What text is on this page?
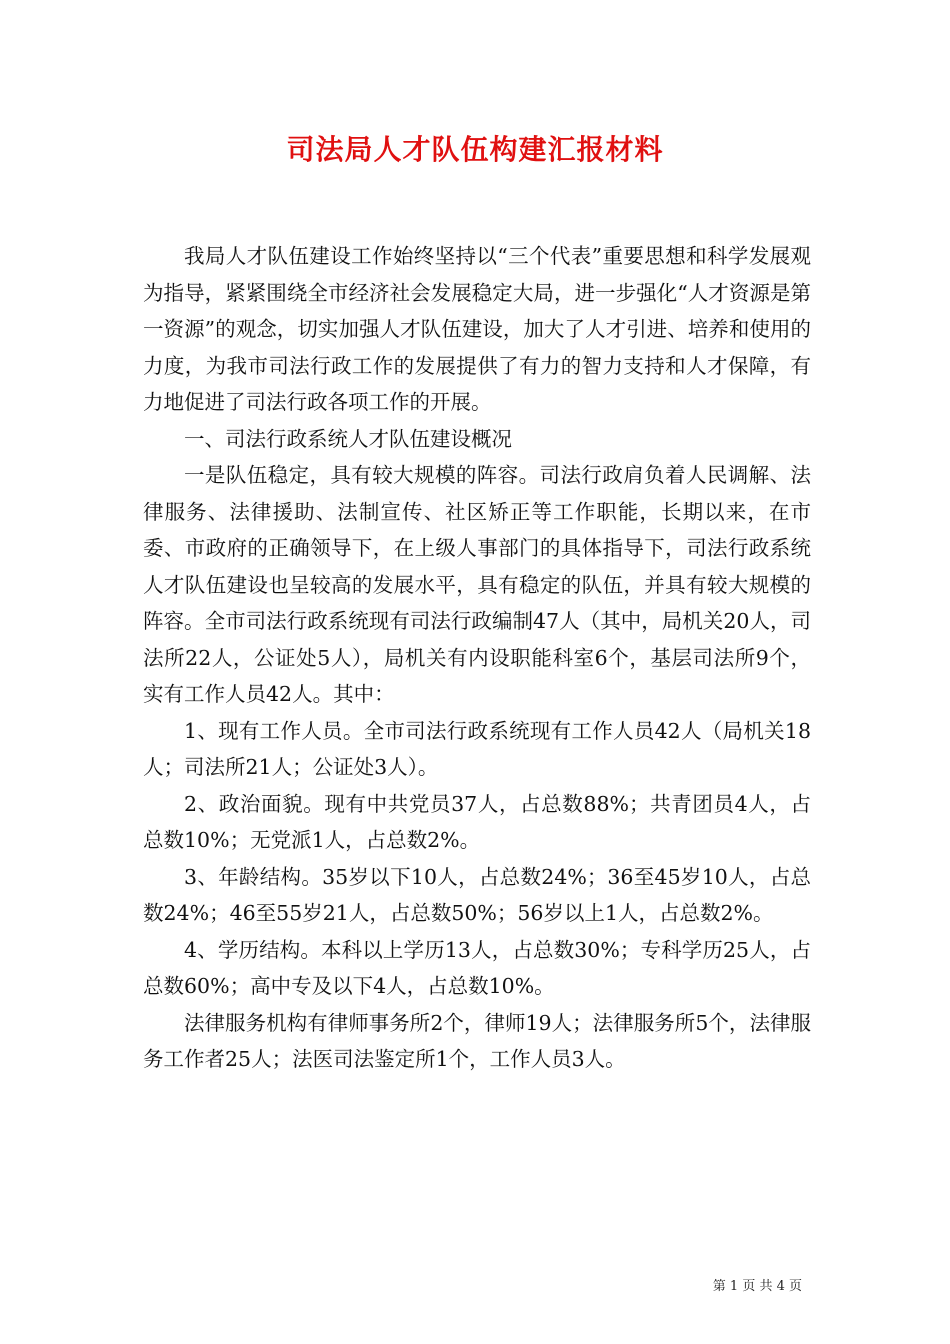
司法局人才队伍构建汇报材料

我局人才队伍建设工作始终坚持以“三个代表”重要思想和科学发展观为指导，紧紧围绕全市经济社会发展稳定大局，进一步强化“人才资源是第一资源”的观念，切实加强人才队伍建设，加大了人才引进、培养和使用的力度，为我市司法行政工作的发展提供了有力的智力支持和人才保障，有力地促进了司法行政各项工作的开展。

一、司法行政系统人才队伍建设概况

一是队伍稳定，具有较大规模的阵容。司法行政肩负着人民调解、法律服务、法律援助、法制宣传、社区矫正等工作职能，长期以来，在市委、市政府的正确领导下，在上级人事部门的具体指导下，司法行政系统人才队伍建设也呈较高的发展水平，具有稳定的队伍，并具有较大规模的阵容。全市司法行政系统现有司法行政编制47人（其中，局机关20人，司法所22人，公证处5人），局机关有内设职能科室6个，基层司法所9个，实有工作人员42人。其中：

1、现有工作人员。全市司法行政系统现有工作人员42人（局机关18人；司法所21人；公证处3人）。

2、政治面貌。现有中共党员37人，占总数88%；共青团员4人，占总数10%；无党派1人，占总数2%。

3、年龄结构。35岁以下10人，占总数24%；36至45岁10人，占总数24%；46至55岁21人，占总数50%；56岁以上1人，占总数2%。

4、学历结构。本科以上学历13人，占总数30%；专科学历25人，占总数60%；高中专及以下4人，占总数10%。

法律服务机构有律师事务所2个，律师19人；法律服务所5个，法律服务工作者25人；法医司法鉴定所1个，工作人员3人。

第 1 页 共 4 页
